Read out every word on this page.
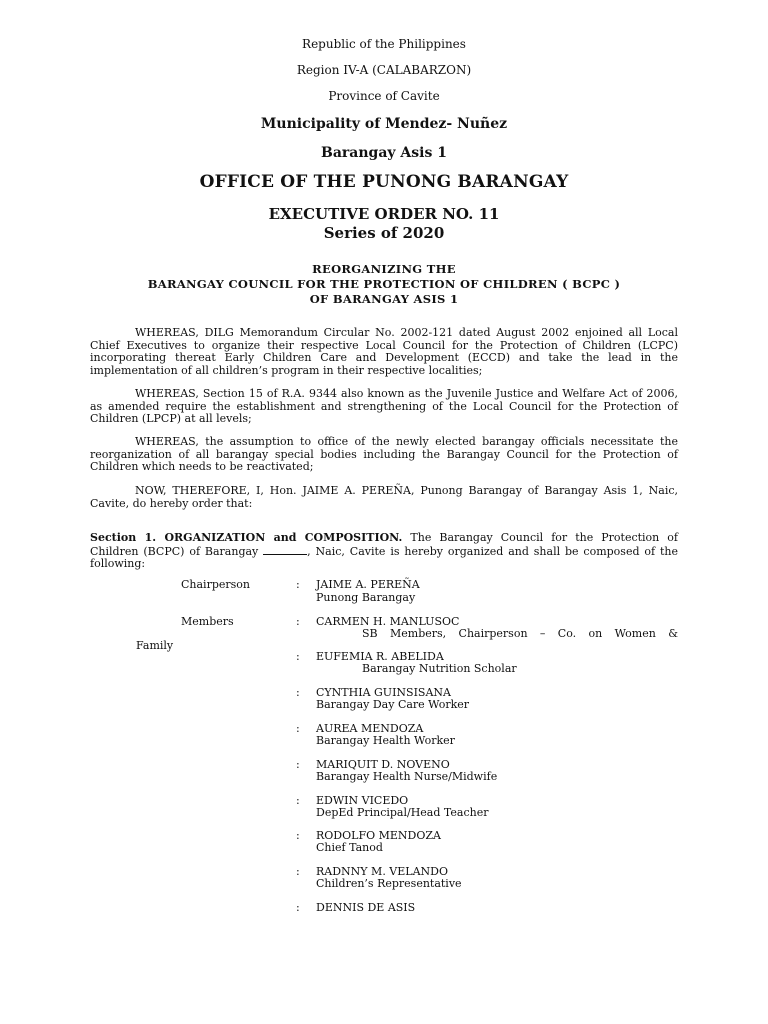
Republic of the Philippines
Region IV-A (CALABARZON)
Province of Cavite
Municipality of Mendez- Nuñez
Barangay Asis 1
OFFICE OF THE PUNONG BARANGAY
EXECUTIVE ORDER NO. 11
Series of 2020
REORGANIZING THE
BARANGAY COUNCIL FOR THE PROTECTION OF CHILDREN ( BCPC )
OF BARANGAY ASIS 1

WHEREAS, DILG Memorandum Circular No. 2002-121 dated August 2002 enjoined all Local Chief Executives to organize their respective Local Council for the Protection of Children (LCPC) incorporating thereat Early Children Care and Development (ECCD) and take the lead in the implementation of all children’s program in their respective localities;

WHEREAS, Section 15 of R.A. 9344 also known as the Juvenile Justice and Welfare Act of 2006, as amended require the establishment and strengthening of the Local Council for the Protection of Children (LPCP) at all levels;

WHEREAS, the assumption to office of the newly elected barangay officials necessitate the reorganization of all barangay special bodies including the Barangay Council for the Protection of Children which needs to be reactivated;

NOW, THEREFORE, I, Hon. JAIME A. PEREÑA, Punong Barangay of Barangay Asis 1, Naic, Cavite, do hereby order that:

Section 1. ORGANIZATION and COMPOSITION. The Barangay Council for the Protection of Children (BCPC) of Barangay	, Naic, Cavite is hereby organized and shall be composed of the following:

Chairperson	: JAIME A. PEREÑA
Punong Barangay
Members	: CARMEN H. MANLUSOC
SB Members, Chairperson – Co. on Women &
Family
: EUFEMIA R. ABELIDA
Barangay Nutrition Scholar
: CYNTHIA GUINSISANA
Barangay Day Care Worker
: AUREA MENDOZA
Barangay Health Worker
: MARIQUIT D. NOVENO
Barangay Health Nurse/Midwife
: EDWIN VICEDO
DepEd Principal/Head Teacher
: RODOLFO MENDOZA
Chief Tanod
: RADNNY M. VELANDO
Children’s Representative
: DENNIS DE ASIS
